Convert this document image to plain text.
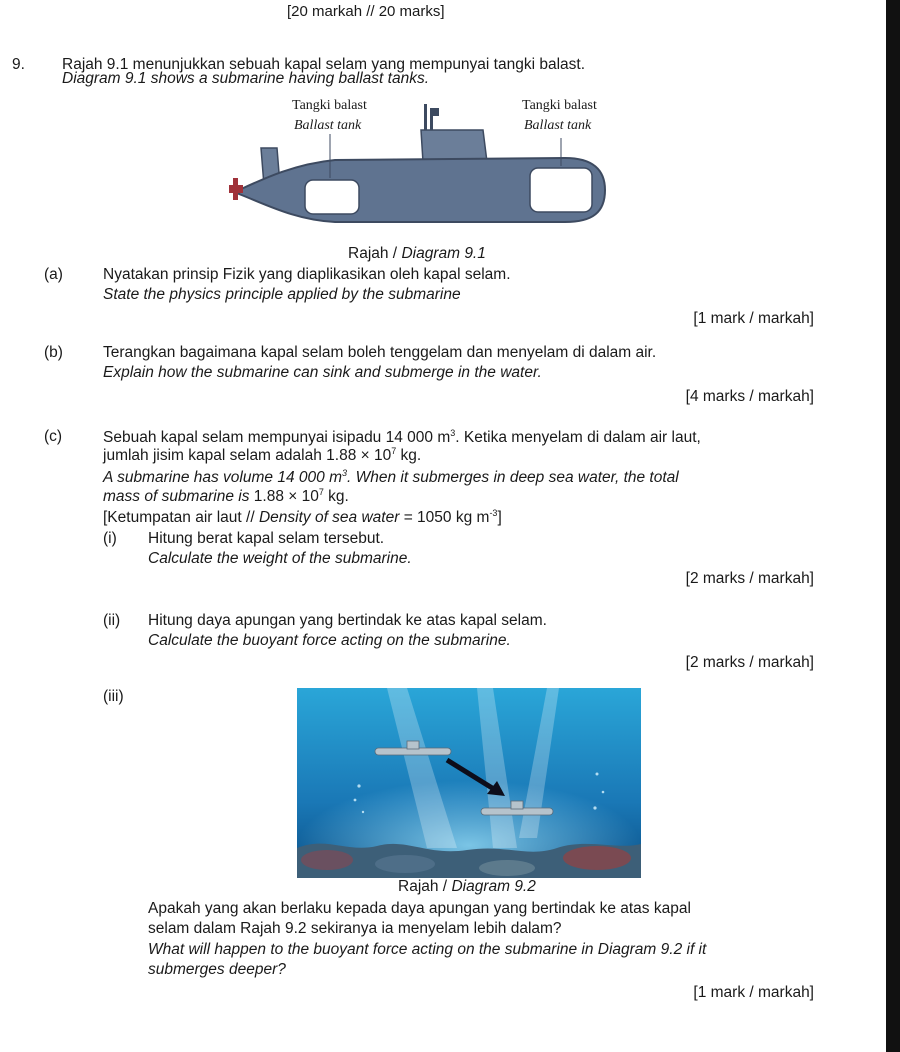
[20 markah // 20 marks]
9. Rajah 9.1 menunjukkan sebuah kapal selam yang mempunyai tangki balast.
Diagram 9.1 shows a submarine having ballast tanks.
Tangki balast
Ballast tank
Tangki balast
Ballast tank
Rajah / Diagram 9.1
(a)	Nyatakan prinsip Fizik yang diaplikasikan oleh kapal selam.
State the physics principle applied by the submarine
[1 mark / markah]
(b)	Terangkan bagaimana kapal selam boleh tenggelam dan menyelam di dalam air.
Explain how the submarine can sink and submerge in the water.
[4 marks / markah]
(c)	Sebuah kapal selam mempunyai isipadu 14 000 $m^3$. Ketika menyelam di dalam air laut,
jumlah jisim kapal selam adalah $1.88 \times 10^7$ kg.
A submarine has volume 14 000 $m^3$. When it submerges in deep sea water, the total
mass of submarine is $1.88 \times 10^7$ kg.
[Ketumpatan air laut // Density of sea water = 1050 kg $m^{-3}$]
(i) Hitung berat kapal selam tersebut.
Calculate the weight of the submarine.
[2 marks / markah]
(ii) Hitung daya apungan yang bertindak ke atas kapal selam.
Calculate the buoyant force acting on the submarine.
[2 marks / markah]
(iii)
Rajah / Diagram 9.2
Apakah yang akan berlaku kepada daya apungan yang bertindak ke atas kapal
selam dalam Rajah 9.2 sekiranya ia menyelam lebih dalam?
What will happen to the buoyant force acting on the submarine in Diagram 9.2 if it
submerges deeper?
[1 mark / markah]
